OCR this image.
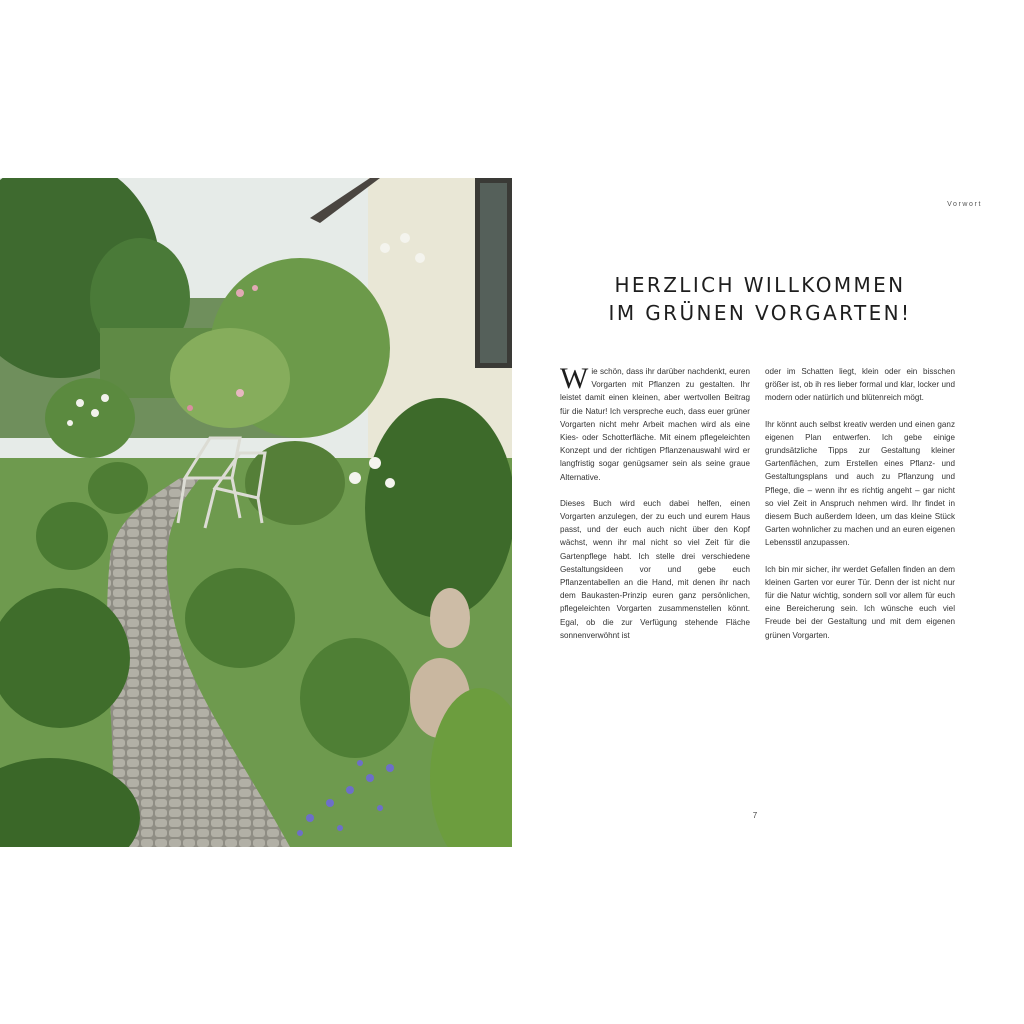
Vorwort
HERZLICH WILLKOMMEN
IM GRÜNEN VORGARTEN!

Wie schön, dass ihr darüber nachdenkt, euren Vorgarten mit Pflanzen zu gestalten. Ihr leistet damit einen kleinen, aber wertvollen Beitrag für die Natur! Ich verspreche euch, dass euer grüner Vorgarten nicht mehr Arbeit machen wird als eine Kies- oder Schotterfläche. Mit einem pflegeleichten Konzept und der richtigen Pflanzenauswahl wird er langfristig sogar genügsamer sein als seine graue Alternative.

Dieses Buch wird euch dabei helfen, einen Vorgarten anzulegen, der zu euch und eurem Haus passt, und der euch auch nicht über den Kopf wächst, wenn ihr mal nicht so viel Zeit für die Gartenpflege habt. Ich stelle drei verschiedene Gestaltungsideen vor und gebe euch Pflanzentabellen an die Hand, mit denen ihr nach dem Baukasten-Prinzip euren ganz persönlichen, pflegeleichten Vorgarten zusammenstellen könnt. Egal, ob die zur Verfügung stehende Fläche sonnenverwöhnt ist

oder im Schatten liegt, klein oder ein bisschen größer ist, ob ih res lieber formal und klar, locker und modern oder natürlich und blütenreich mögt.

Ihr könnt auch selbst kreativ werden und einen ganz eigenen Plan entwerfen. Ich gebe einige grundsätzliche Tipps zur Gestaltung kleiner Gartenflächen, zum Erstellen eines Pflanz- und Gestaltungsplans und auch zu Pflanzung und Pflege, die – wenn ihr es richtig angeht – gar nicht so viel Zeit in Anspruch nehmen wird. Ihr findet in diesem Buch außerdem Ideen, um das kleine Stück Garten wohnlicher zu machen und an euren eigenen Lebensstil anzupassen.

Ich bin mir sicher, ihr werdet Gefallen finden an dem kleinen Garten vor eurer Tür. Denn der ist nicht nur für die Natur wichtig, sondern soll vor allem für euch eine Bereicherung sein. Ich wünsche euch viel Freude bei der Gestaltung und mit dem eigenen grünen Vorgarten.

7
